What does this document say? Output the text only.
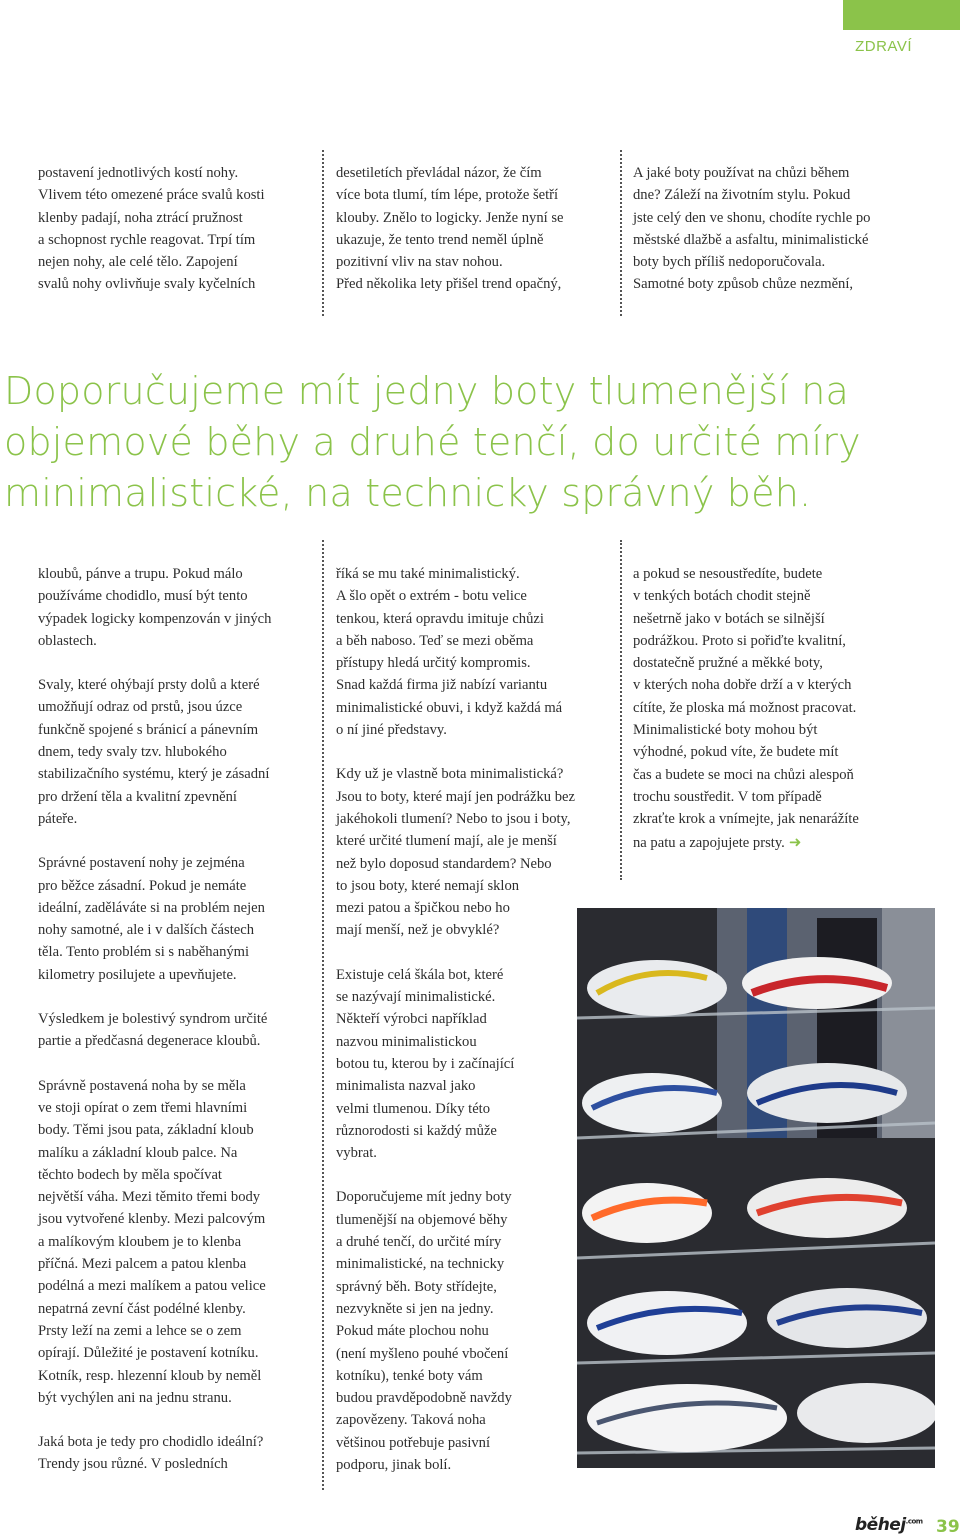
ZDRAVÍ

postavení jednotlivých kostí nohy.
Vlivem této omezené práce svalů kosti
klenby padají, noha ztrácí pružnost
a schopnost rychle reagovat. Trpí tím
nejen nohy, ale celé tělo. Zapojení
svalů nohy ovlivňuje svaly kyčelních

desetiletích převládal názor, že čím
více bota tlumí, tím lépe, protože šetří
klouby. Znělo to logicky. Jenže nyní se
ukazuje, že tento trend neměl úplně
pozitivní vliv na stav nohou.
Před několika lety přišel trend opačný,

A jaké boty používat na chůzi během
dne? Záleží na životním stylu. Pokud
jste celý den ve shonu, chodíte rychle po
městské dlažbě a asfaltu, minimalistické
boty bych příliš nedoporučovala.
Samotné boty způsob chůze nezmění,

Doporučujeme mít jedny boty tlumenější na
objemové běhy a druhé tenčí, do určité míry
minimalistické, na technicky správný běh.

kloubů, pánve a trupu. Pokud málo
používáme chodidlo, musí být tento
výpadek logicky kompenzován v jiných
oblastech.

Svaly, které ohýbají prsty dolů a které
umožňují odraz od prstů, jsou úzce
funkčně spojené s bránicí a pánevním
dnem, tedy svaly tzv. hlubokého
stabilizačního systému, který je zásadní
pro držení těla a kvalitní zpevnění
páteře.

Správné postavení nohy je zejména
pro běžce zásadní. Pokud je nemáte
ideální, zaděláváte si na problém nejen
nohy samotné, ale i v dalších částech
těla. Tento problém si s naběhanými
kilometry posilujete a upevňujete.

Výsledkem je bolestivý syndrom určité
partie a předčasná degenerace kloubů.

Správně postavená noha by se měla
ve stoji opírat o zem třemi hlavními
body. Těmi jsou pata, základní kloub
malíku a základní kloub palce. Na
těchto bodech by měla spočívat
největší váha. Mezi těmito třemi body
jsou vytvořené klenby. Mezi palcovým
a malíkovým kloubem je to klenba
příčná. Mezi palcem a patou klenba
podélná a mezi malíkem a patou velice
nepatrná zevní část podélné klenby.
Prsty leží na zemi a lehce se o zem
opírají. Důležité je postavení kotníku.
Kotník, resp. hlezenní kloub by neměl
být vychýlen ani na jednu stranu.

Jaká bota je tedy pro chodidlo ideální?
Trendy jsou různé. V posledních

říká se mu také minimalistický.
A šlo opět o extrém - botu velice
tenkou, která opravdu imituje chůzi
a běh naboso. Teď se mezi oběma
přístupy hledá určitý kompromis.
Snad každá firma již nabízí variantu
minimalistické obuvi, i když každá má
o ní jiné představy.

Kdy už je vlastně bota minimalistická?
Jsou to boty, které mají jen podrážku bez
jakéhokoli tlumení? Nebo to jsou i boty,
které určité tlumení mají, ale je menší
než bylo doposud standardem? Nebo
to jsou boty, které nemají sklon
mezi patou a špičkou nebo ho
mají menší, než je obvyklé?

Existuje celá škála bot, které
se nazývají minimalistické.
Někteří výrobci například
nazvou minimalistickou
botou tu, kterou by i začínající
minimalista nazval jako
velmi tlumenou. Díky této
různorodosti si každý může
vybrat.

Doporučujeme mít jedny boty
tlumenější na objemové běhy
a druhé tenčí, do určité míry
minimalistické, na technicky
správný běh. Boty střídejte,
nezvykněte si jen na jedny.
Pokud máte plochou nohu
(není myšleno pouhé vbočení
kotníku), tenké boty vám
budou pravděpodobně navždy
zapovězeny. Taková noha
většinou potřebuje pasivní
podporu, jinak bolí.

a pokud se nesoustředíte, budete
v tenkých botách chodit stejně
nešetrně jako v botách se silnější
podrážkou. Proto si pořiďte kvalitní,
dostatečně pružné a měkké boty,
v kterých noha dobře drží a v kterých
cítíte, že ploska má možnost pracovat.
Minimalistické boty mohou být
výhodné, pokud víte, že budete mít
čas a budete se moci na chůzi alespoň
trochu soustředit. V tom případě
zkraťte krok a vnímejte, jak nenarážíte
na patu a zapojujete prsty. ➜

běhej$^{.com}$ 39
